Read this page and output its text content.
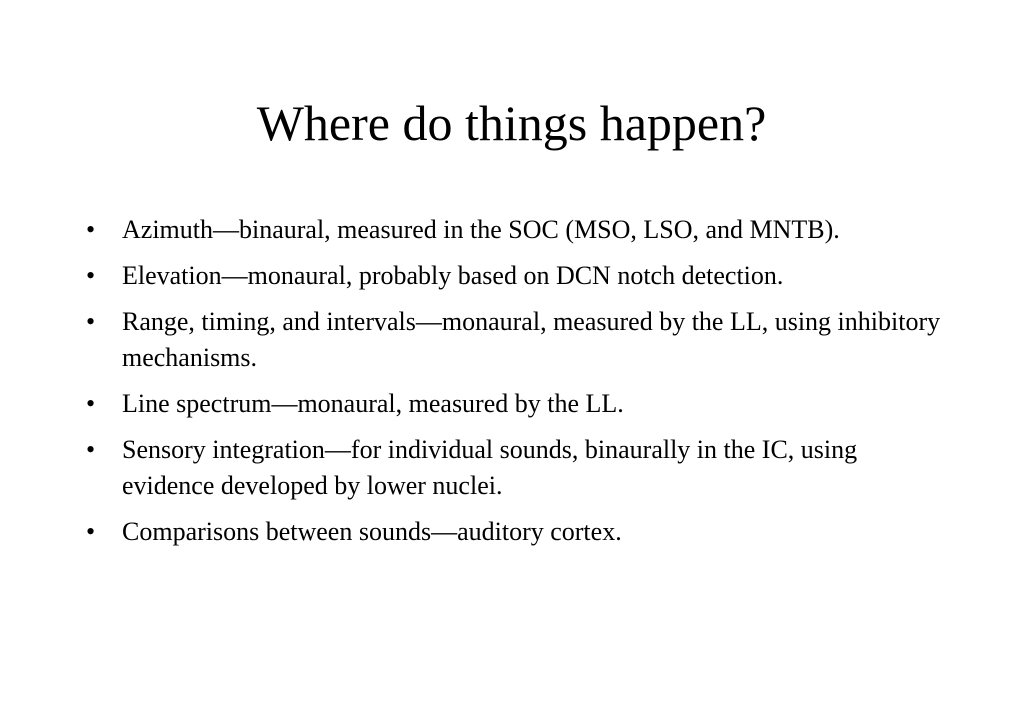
Where do things happen?
•	Azimuth—binaural, measured in the SOC (MSO, LSO, and MNTB).
•	Elevation—monaural, probably based on DCN notch detection.
•	Range, timing, and intervals—monaural, measured by the LL, using inhibitory mechanisms.
•	Line spectrum—monaural, measured by the LL.
•	Sensory integration—for individual sounds, binaurally in the IC, using evidence developed by lower nuclei.
•	Comparisons between sounds—auditory cortex.
